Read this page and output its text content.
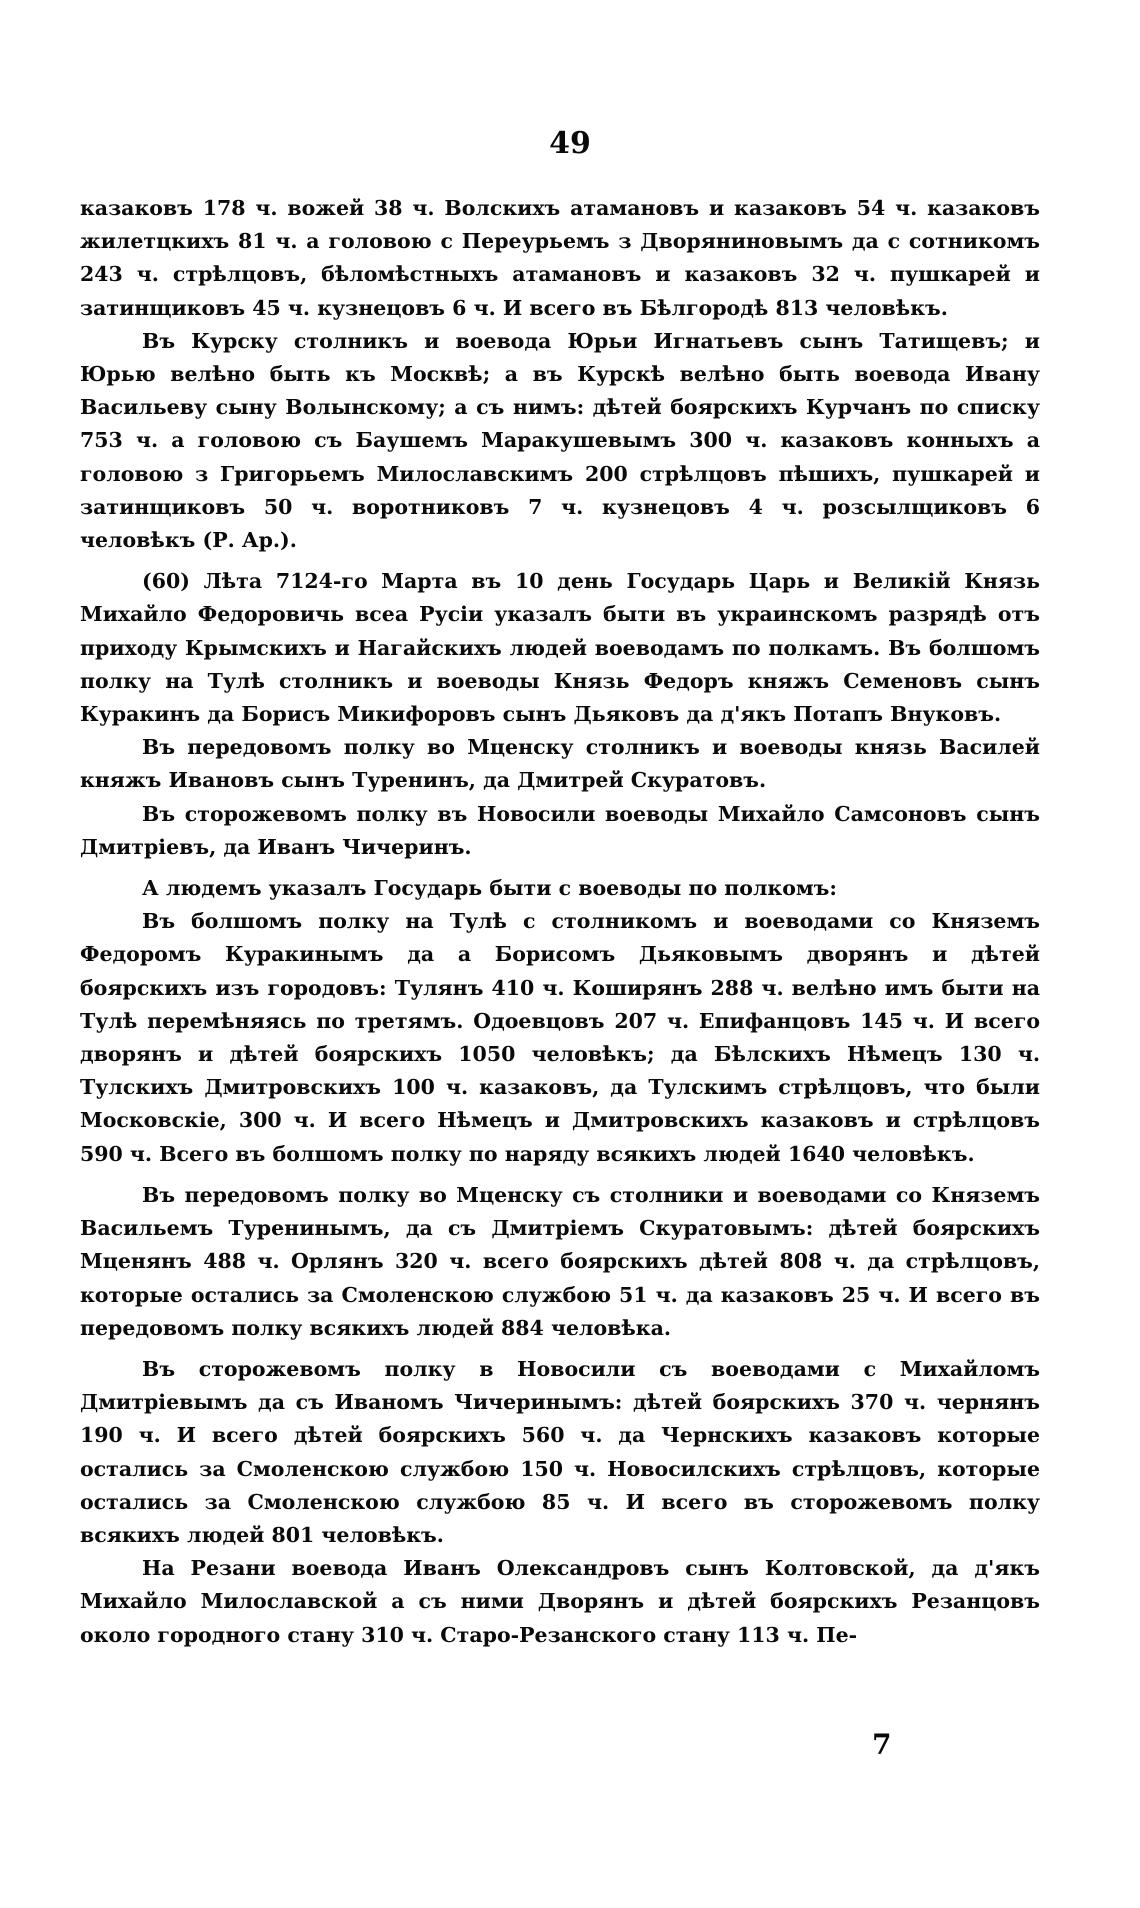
49

казаковъ 178 ч. вожей 38 ч. Волскихъ атамановъ и казаковъ 54 ч. казаковъ жилетцкихъ 81 ч. а головою с Переурьемъ з Дворяниновымъ да с сотникомъ 243 ч. стрѣлцовъ, бѣломѣстныхъ атамановъ и казаковъ 32 ч. пушкарей и затинщиковъ 45 ч. кузнецовъ 6 ч. И всего въ Бѣлгородѣ 813 человѣкъ.

Въ Курску столникъ и воевода Юрьи Игнатьевъ сынъ Татищевъ; и Юрью велѣно быть къ Москвѣ; а въ Курскѣ велѣно быть воевода Ивану Васильеву сыну Волынскому; а съ нимъ: дѣтей боярскихъ Курчанъ по списку 753 ч. а головою съ Баушемъ Маракушевымъ 300 ч. казаковъ конныхъ а головою з Григорьемъ Милославскимъ 200 стрѣлцовъ пѣшихъ, пушкарей и затинщиковъ 50 ч. воротниковъ 7 ч. кузнецовъ 4 ч. розсылщиковъ 6 человѣкъ (Р. Ар.).

(60) Лѣта 7124-го Марта въ 10 день Государь Царь и Великій Князь Михайло Федоровичь всеа Русіи указалъ быти въ украинскомъ разрядѣ отъ приходу Крымскихъ и Нагайскихъ людей воеводамъ по полкамъ. Въ болшомъ полку на Тулѣ столникъ и воеводы Князь Федоръ княжъ Семеновъ сынъ Куракинъ да Борисъ Микифоровъ сынъ Дьяковъ да д'якъ Потапъ Внуковъ.

Въ передовомъ полку во Мценску столникъ и воеводы князь Василей княжъ Ивановъ сынъ Туренинъ, да Дмитрей Скуратовъ.

Въ сторожевомъ полку въ Новосили воеводы Михайло Самсоновъ сынъ Дмитріевъ, да Иванъ Чичеринъ.

А людемъ указалъ Государь быти с воеводы по полкомъ:

Въ болшомъ полку на Тулѣ с столникомъ и воеводами со Княземъ Федоромъ Куракинымъ да а Борисомъ Дьяковымъ дворянъ и дѣтей боярскихъ изъ городовъ: Тулянъ 410 ч. Коширянъ 288 ч. велѣно имъ быти на Тулѣ перемѣняясь по третямъ. Одоевцовъ 207 ч. Епифанцовъ 145 ч. И всего дворянъ и дѣтей боярскихъ 1050 человѣкъ; да Бѣлскихъ Нѣмецъ 130 ч. Тулскихъ Дмитровскихъ 100 ч. казаковъ, да Тулскимъ стрѣлцовъ, что были Московскіе, 300 ч. И всего Нѣмецъ и Дмитровскихъ казаковъ и стрѣлцовъ 590 ч. Всего въ болшомъ полку по наряду всякихъ людей 1640 человѣкъ.

Въ передовомъ полку во Мценску съ столники и воеводами со Княземъ Васильемъ Туренинымъ, да съ Дмитріемъ Скуратовымъ: дѣтей боярскихъ Мценянъ 488 ч. Орлянъ 320 ч. всего боярскихъ дѣтей 808 ч. да стрѣлцовъ, которые остались за Смоленскою службою 51 ч. да казаковъ 25 ч. И всего въ передовомъ полку всякихъ людей 884 человѣка.

Въ сторожевомъ полку в Новосили съ воеводами с Михайломъ Дмитріевымъ да съ Иваномъ Чичеринымъ: дѣтей боярскихъ 370 ч. чернянъ 190 ч. И всего дѣтей боярскихъ 560 ч. да Чернскихъ казаковъ которые остались за Смоленскою службою 150 ч. Новосилскихъ стрѣлцовъ, которые остались за Смоленскою службою 85 ч. И всего въ сторожевомъ полку всякихъ людей 801 человѣкъ.

На Резани воевода Иванъ Олександровъ сынъ Колтовской, да д'якъ Михайло Милославской а съ ними Дворянъ и дѣтей боярскихъ Резанцовъ около городного стану 310 ч. Старо-Резанского стану 113 ч. Пе-

7
